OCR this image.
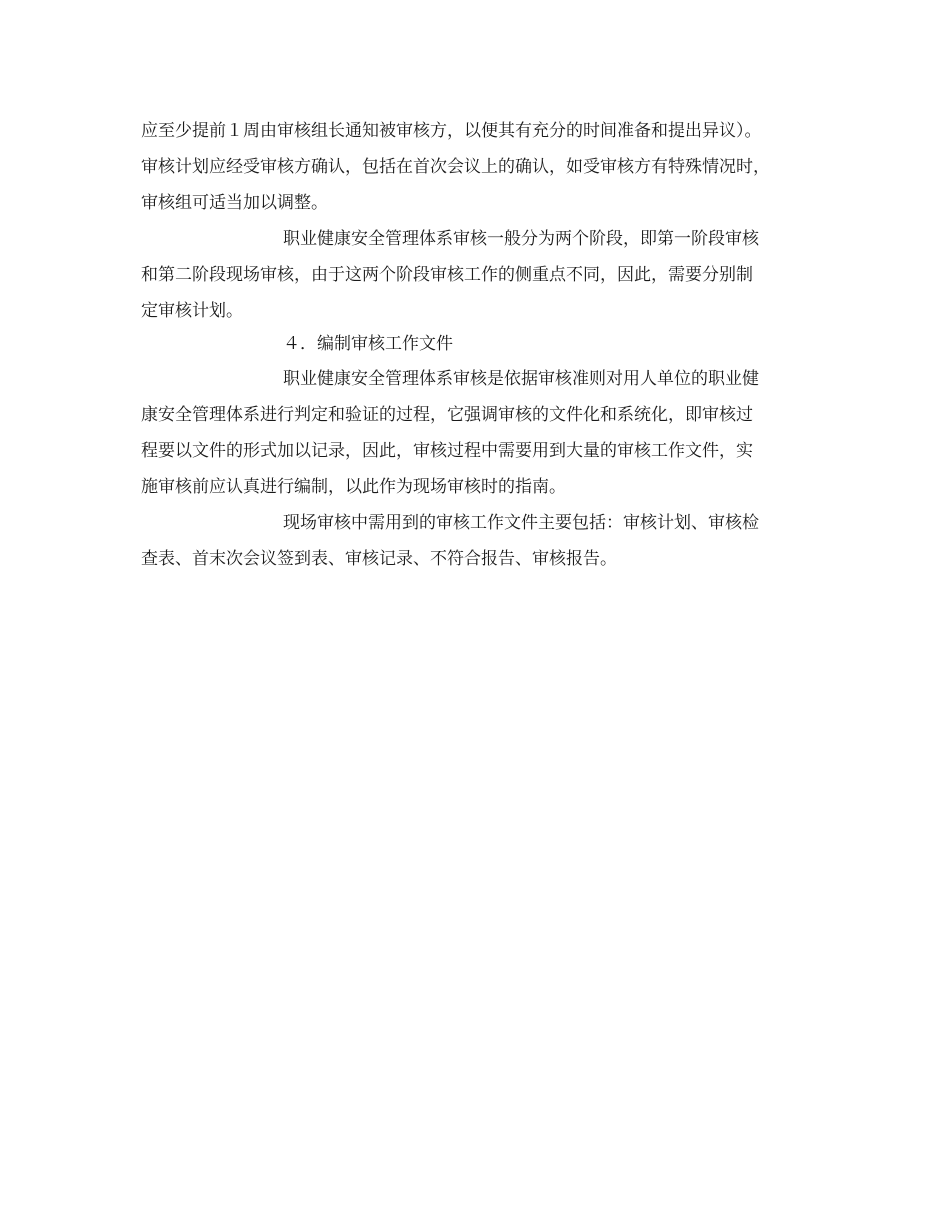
应至少提前１周由审核组长通知被审核方，以便其有充分的时间准备和提出异议）。
审核计划应经受审核方确认，包括在首次会议上的确认，如受审核方有特殊情况时，
审核组可适当加以调整。
职业健康安全管理体系审核一般分为两个阶段，即第一阶段审核
和第二阶段现场审核，由于这两个阶段审核工作的侧重点不同，因此，需要分别制
定审核计划。
４．编制审核工作文件
职业健康安全管理体系审核是依据审核准则对用人单位的职业健
康安全管理体系进行判定和验证的过程，它强调审核的文件化和系统化，即审核过
程要以文件的形式加以记录，因此，审核过程中需要用到大量的审核工作文件，实
施审核前应认真进行编制，以此作为现场审核时的指南。
现场审核中需用到的审核工作文件主要包括：审核计划、审核检
查表、首末次会议签到表、审核记录、不符合报告、审核报告。
